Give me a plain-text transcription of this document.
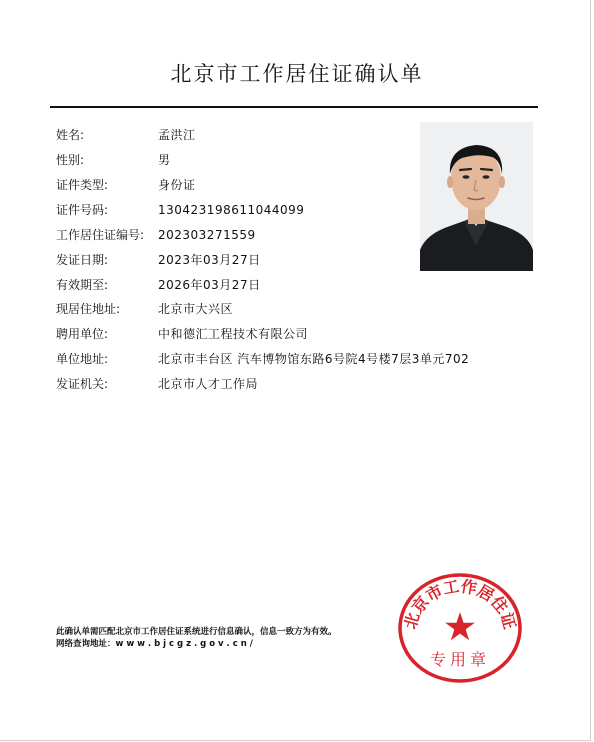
北京市工作居住证确认单
姓名:	孟洪江
性别:	男
证件类型:	身份证
证件号码:	130423198611044099
工作居住证编号: 202303271559
发证日期:	2023年03月27日
有效期至:	2026年03月27日
现居住地址:	北京市大兴区
聘用单位:	中和德汇工程技术有限公司
单位地址:	北京市丰台区 汽车博物馆东路6号院4号楼7层3单元702
发证机关:	北京市人才工作局
此确认单需匹配北京市工作居住证系统进行信息确认，信息一致方为有效。
网络查询地址：w w w . b j c g z . g o v . c n /
北京市工作居住证
专用章
